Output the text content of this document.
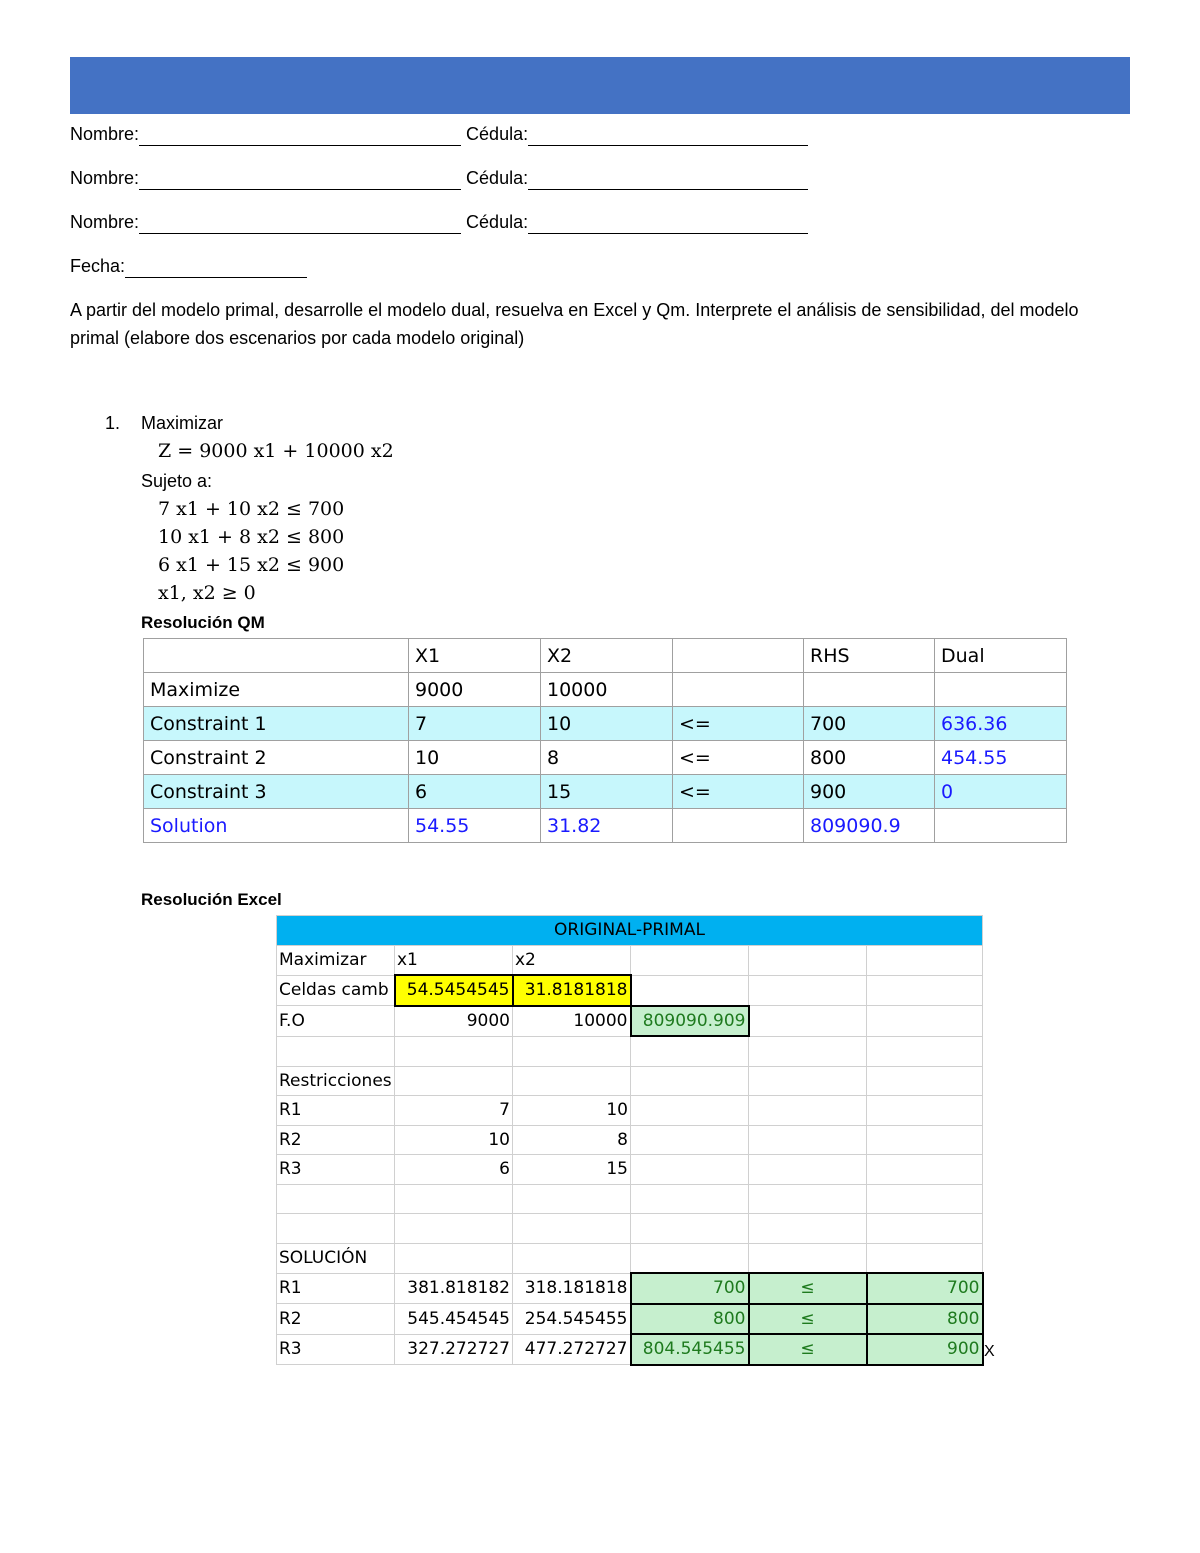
Nombre:	Cédula:
Nombre:	Cédula:
Nombre:	Cédula:
Fecha:
A partir del modelo primal, desarrolle el modelo dual, resuelva en Excel y Qm. Interprete el análisis de sensibilidad, del modelo primal (elabore dos escenarios por cada modelo original)
1. Maximizar
Z = 9000 x1 + 10000 x2
Sujeto a:
7 x1 + 10 x2 ≤ 700
10 x1 + 8 x2 ≤ 800
6 x1 + 15 x2 ≤ 900
x1, x2 ≥ 0
Resolución QM
	X1	X2		RHS	Dual
Maximize	9000	10000			
Constraint 1	7	10	<=	700	636.36
Constraint 2	10	8	<=	800	454.55
Constraint 3	6	15	<=	900	0
Solution	54.55	31.82		809090.9	
Resolución Excel
ORIGINAL-PRIMAL					
Maximizar	x1	x2			
Celdas camb	54.5454545	31.8181818			
F.O	9000	10000	809090.909		

Restricciones					
R1	7	10			
R2	10	8			
R3	6	15			

SOLUCIÓN					
R1	381.818182	318.181818	700	≤	700
R2	545.454545	254.545455	800	≤	800
R3	327.272727	477.272727	804.545455	≤	900 X
